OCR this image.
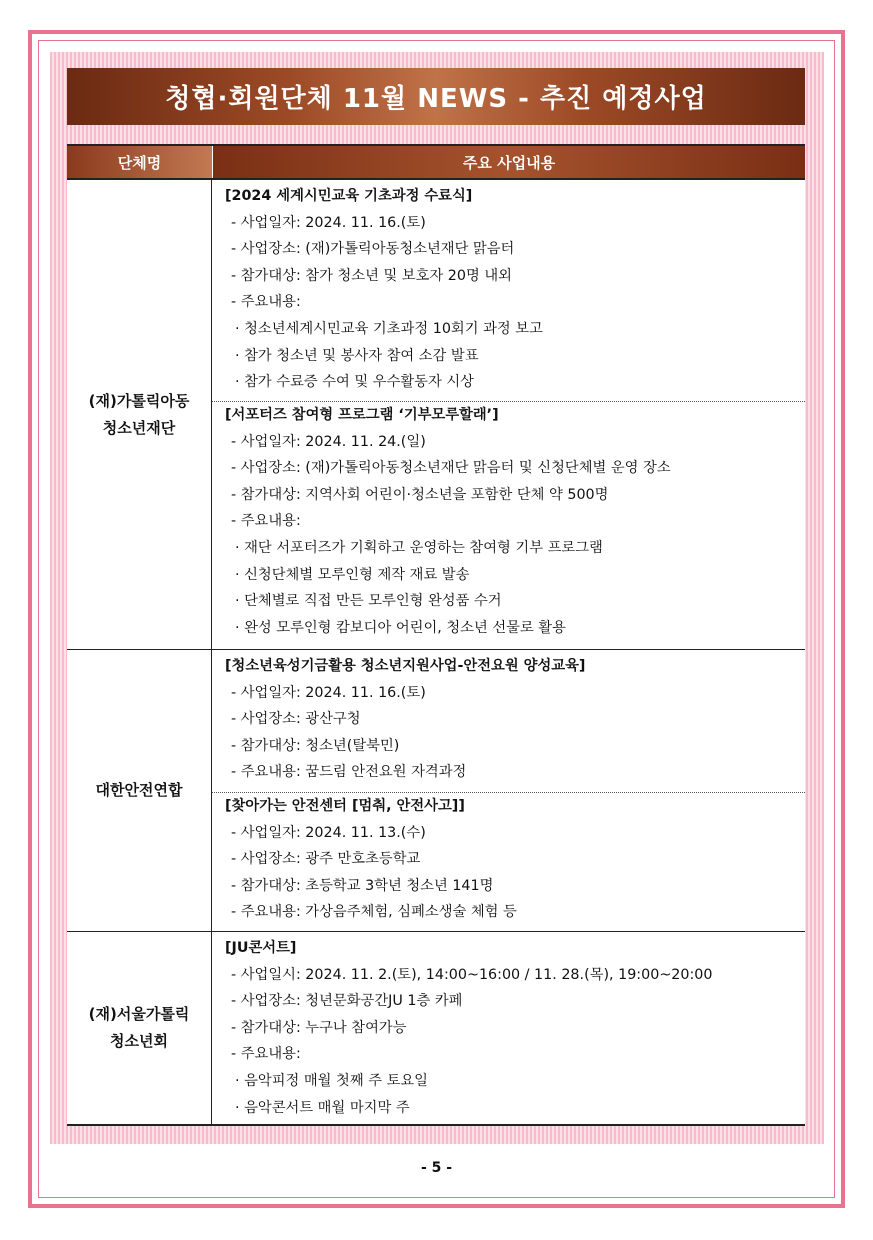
청협·회원단체 11월 NEWS - 추진 예정사업
단체명	주요 사업내용
(재)가톨릭아동
청소년재단
[2024 세계시민교육 기초과정 수료식]
- 사업일자: 2024. 11. 16.(토)
- 사업장소: (재)가톨릭아동청소년재단 맑음터
- 참가대상: 참가 청소년 및 보호자 20명 내외
- 주요내용:
· 청소년세계시민교육 기초과정 10회기 과정 보고
· 참가 청소년 및 봉사자 참여 소감 발표
· 참가 수료증 수여 및 우수활동자 시상
[서포터즈 참여형 프로그램 ‘기부모루할래’]
- 사업일자: 2024. 11. 24.(일)
- 사업장소: (재)가톨릭아동청소년재단 맑음터 및 신청단체별 운영 장소
- 참가대상: 지역사회 어린이·청소년을 포함한 단체 약 500명
- 주요내용:
· 재단 서포터즈가 기획하고 운영하는 참여형 기부 프로그램
· 신청단체별 모루인형 제작 재료 발송
· 단체별로 직접 만든 모루인형 완성품 수거
· 완성 모루인형 캄보디아 어린이, 청소년 선물로 활용
대한안전연합
[청소년육성기금활용 청소년지원사업-안전요원 양성교육]
- 사업일자: 2024. 11. 16.(토)
- 사업장소: 광산구청
- 참가대상: 청소년(탈북민)
- 주요내용: 꿈드림 안전요원 자격과정
[찾아가는 안전센터 [멈춰, 안전사고]]
- 사업일자: 2024. 11. 13.(수)
- 사업장소: 광주 만호초등학교
- 참가대상: 초등학교 3학년 청소년 141명
- 주요내용: 가상음주체험, 심폐소생술 체험 등
(재)서울가톨릭
청소년회
[JU콘서트]
- 사업일시: 2024. 11. 2.(토), 14:00~16:00 / 11. 28.(목), 19:00~20:00
- 사업장소: 청년문화공간JU 1층 카페
- 참가대상: 누구나 참여가능
- 주요내용:
· 음악피정 매월 첫째 주 토요일
· 음악콘서트 매월 마지막 주
- 5 -
